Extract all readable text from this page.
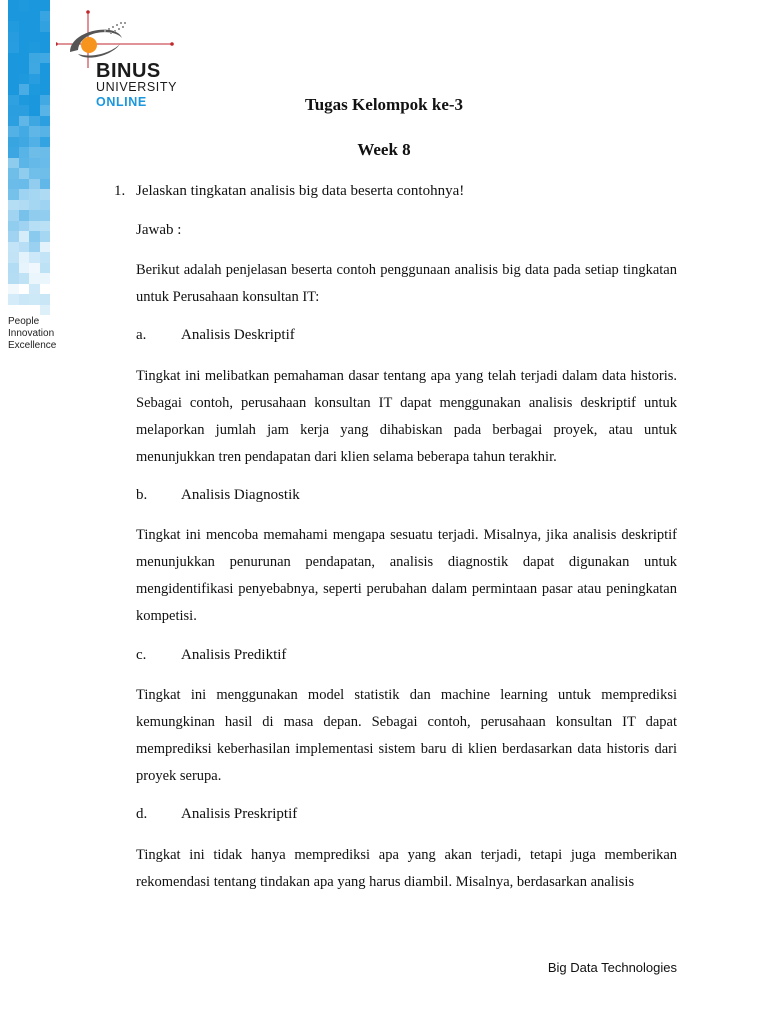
People
Innovation
Excellence
BINUS
UNIVERSITY
ONLINE	Tugas Kelompok ke-3
Week 8
1. Jelaskan tingkatan analisis big data beserta contohnya!
Jawab :
Berikut adalah penjelasan beserta contoh penggunaan analisis big data pada setiap tingkatan untuk Perusahaan konsultan IT:
a. Analisis Deskriptif
Tingkat ini melibatkan pemahaman dasar tentang apa yang telah terjadi dalam data historis. Sebagai contoh, perusahaan konsultan IT dapat menggunakan analisis deskriptif untuk melaporkan jumlah jam kerja yang dihabiskan pada berbagai proyek, atau untuk menunjukkan tren pendapatan dari klien selama beberapa tahun terakhir.
b. Analisis Diagnostik
Tingkat ini mencoba memahami mengapa sesuatu terjadi. Misalnya, jika analisis deskriptif menunjukkan penurunan pendapatan, analisis diagnostik dapat digunakan untuk mengidentifikasi penyebabnya, seperti perubahan dalam permintaan pasar atau peningkatan kompetisi.
c. Analisis Prediktif
Tingkat ini menggunakan model statistik dan machine learning untuk memprediksi kemungkinan hasil di masa depan. Sebagai contoh, perusahaan konsultan IT dapat memprediksi keberhasilan implementasi sistem baru di klien berdasarkan data historis dari proyek serupa.
d. Analisis Preskriptif
Tingkat ini tidak hanya memprediksi apa yang akan terjadi, tetapi juga memberikan rekomendasi tentang tindakan apa yang harus diambil. Misalnya, berdasarkan analisis
Big Data Technologies
